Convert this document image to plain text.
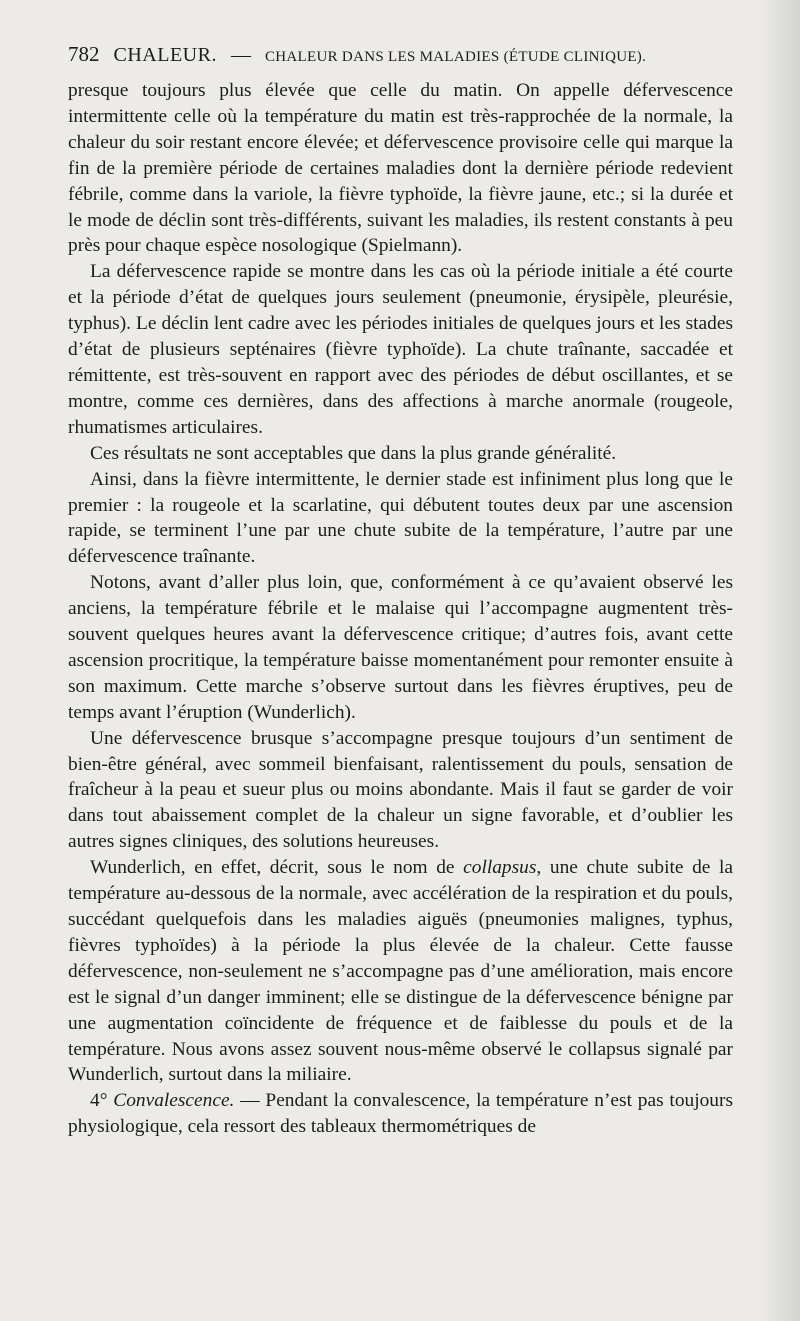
782 CHALEUR. — CHALEUR DANS LES MALADIES (ÉTUDE CLINIQUE).

presque toujours plus élevée que celle du matin. On appelle défervescence intermittente celle où la température du matin est très-rapprochée de la normale, la chaleur du soir restant encore élevée; et défervescence provisoire celle qui marque la fin de la première période de certaines maladies dont la dernière période redevient fébrile, comme dans la variole, la fièvre typhoïde, la fièvre jaune, etc.; si la durée et le mode de déclin sont très-différents, suivant les maladies, ils restent constants à peu près pour chaque espèce nosologique (Spielmann).

La défervescence rapide se montre dans les cas où la période initiale a été courte et la période d’état de quelques jours seulement (pneumonie, érysipèle, pleurésie, typhus). Le déclin lent cadre avec les périodes initiales de quelques jours et les stades d’état de plusieurs septénaires (fièvre typhoïde). La chute traînante, saccadée et rémittente, est très-souvent en rapport avec des périodes de début oscillantes, et se montre, comme ces dernières, dans des affections à marche anormale (rougeole, rhumatismes articulaires.

Ces résultats ne sont acceptables que dans la plus grande généralité.

Ainsi, dans la fièvre intermittente, le dernier stade est infiniment plus long que le premier : la rougeole et la scarlatine, qui débutent toutes deux par une ascension rapide, se terminent l’une par une chute subite de la température, l’autre par une défervescence traînante.

Notons, avant d’aller plus loin, que, conformément à ce qu’avaient observé les anciens, la température fébrile et le malaise qui l’accompagne augmentent très-souvent quelques heures avant la défervescence critique; d’autres fois, avant cette ascension procritique, la température baisse momentanément pour remonter ensuite à son maximum. Cette marche s’observe surtout dans les fièvres éruptives, peu de temps avant l’éruption (Wunderlich).

Une défervescence brusque s’accompagne presque toujours d’un sentiment de bien-être général, avec sommeil bienfaisant, ralentissement du pouls, sensation de fraîcheur à la peau et sueur plus ou moins abondante. Mais il faut se garder de voir dans tout abaissement complet de la chaleur un signe favorable, et d’oublier les autres signes cliniques, des solutions heureuses.

Wunderlich, en effet, décrit, sous le nom de collapsus, une chute subite de la température au-dessous de la normale, avec accélération de la respiration et du pouls, succédant quelquefois dans les maladies aiguës (pneumonies malignes, typhus, fièvres typhoïdes) à la période la plus élevée de la chaleur. Cette fausse défervescence, non-seulement ne s’accompagne pas d’une amélioration, mais encore est le signal d’un danger imminent; elle se distingue de la défervescence bénigne par une augmentation coïncidente de fréquence et de faiblesse du pouls et de la température. Nous avons assez souvent nous-même observé le collapsus signalé par Wunderlich, surtout dans la miliaire.

4° Convalescence. — Pendant la convalescence, la température n’est pas toujours physiologique, cela ressort des tableaux thermométriques de
